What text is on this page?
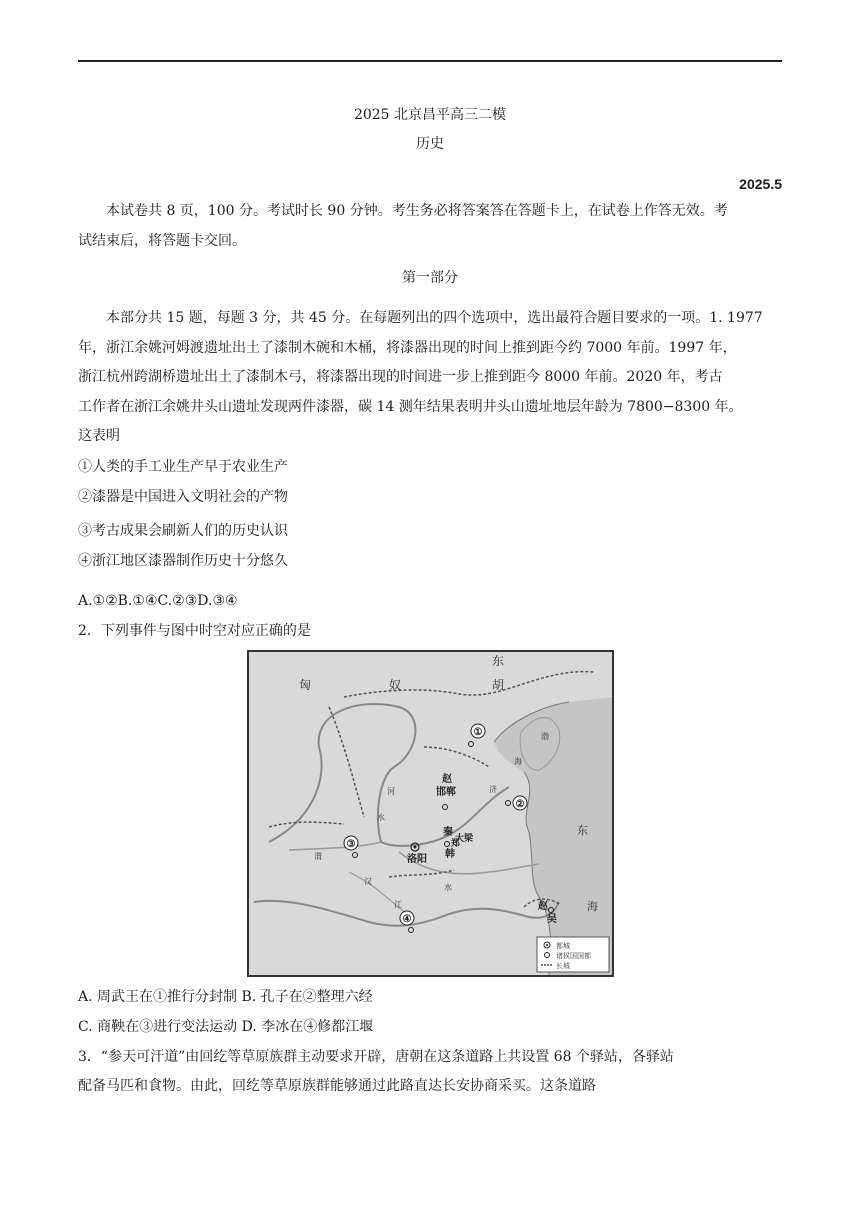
2025 北京昌平高三二模
历史
2025.5
本试卷共 8 页，100 分。考试时长 90 分钟。考生务必将答案答在答题卡上，在试卷上作答无效。考
试结束后，将答题卡交回。
第一部分
本部分共 15 题，每题 3 分，共 45 分。在每题列出的四个选项中，选出最符合题目要求的一项。1. 1977
年，浙江余姚河姆渡遗址出土了漆制木碗和木桶，将漆器出现的时间上推到距今约 7000 年前。1997 年，
浙江杭州跨湖桥遗址出土了漆制木弓，将漆器出现的时间进一步上推到距今 8000 年前。2020 年，考古
工作者在浙江余姚井头山遗址发现两件漆器，碳 14 测年结果表明井头山遗址地层年龄为 7800−8300 年。
这表明
①人类的手工业生产早于农业生产
②漆器是中国进入文明社会的产物
③考古成果会刷新人们的历史认识
④浙江地区漆器制作历史十分悠久
A.①②B.①④C.②③D.③④
2．下列事件与图中时空对应正确的是
匈	奴
东
胡
赵
邯郸
洛阳
秦
韩
郑
大梁
赵
吴
东
海
渤
海
济
河
江
水
水
渭
汉
①
②
③
④
都城
诸侯国国都
长城
A. 周武王在①推行分封制 B. 孔子在②整理六经
C. 商鞅在③进行变法运动 D. 李冰在④修都江堰
3．“参天可汗道”由回纥等草原族群主动要求开辟，唐朝在这条道路上共设置 68 个驿站，各驿站
配备马匹和食物。由此，回纥等草原族群能够通过此路直达长安协商采买。这条道路
